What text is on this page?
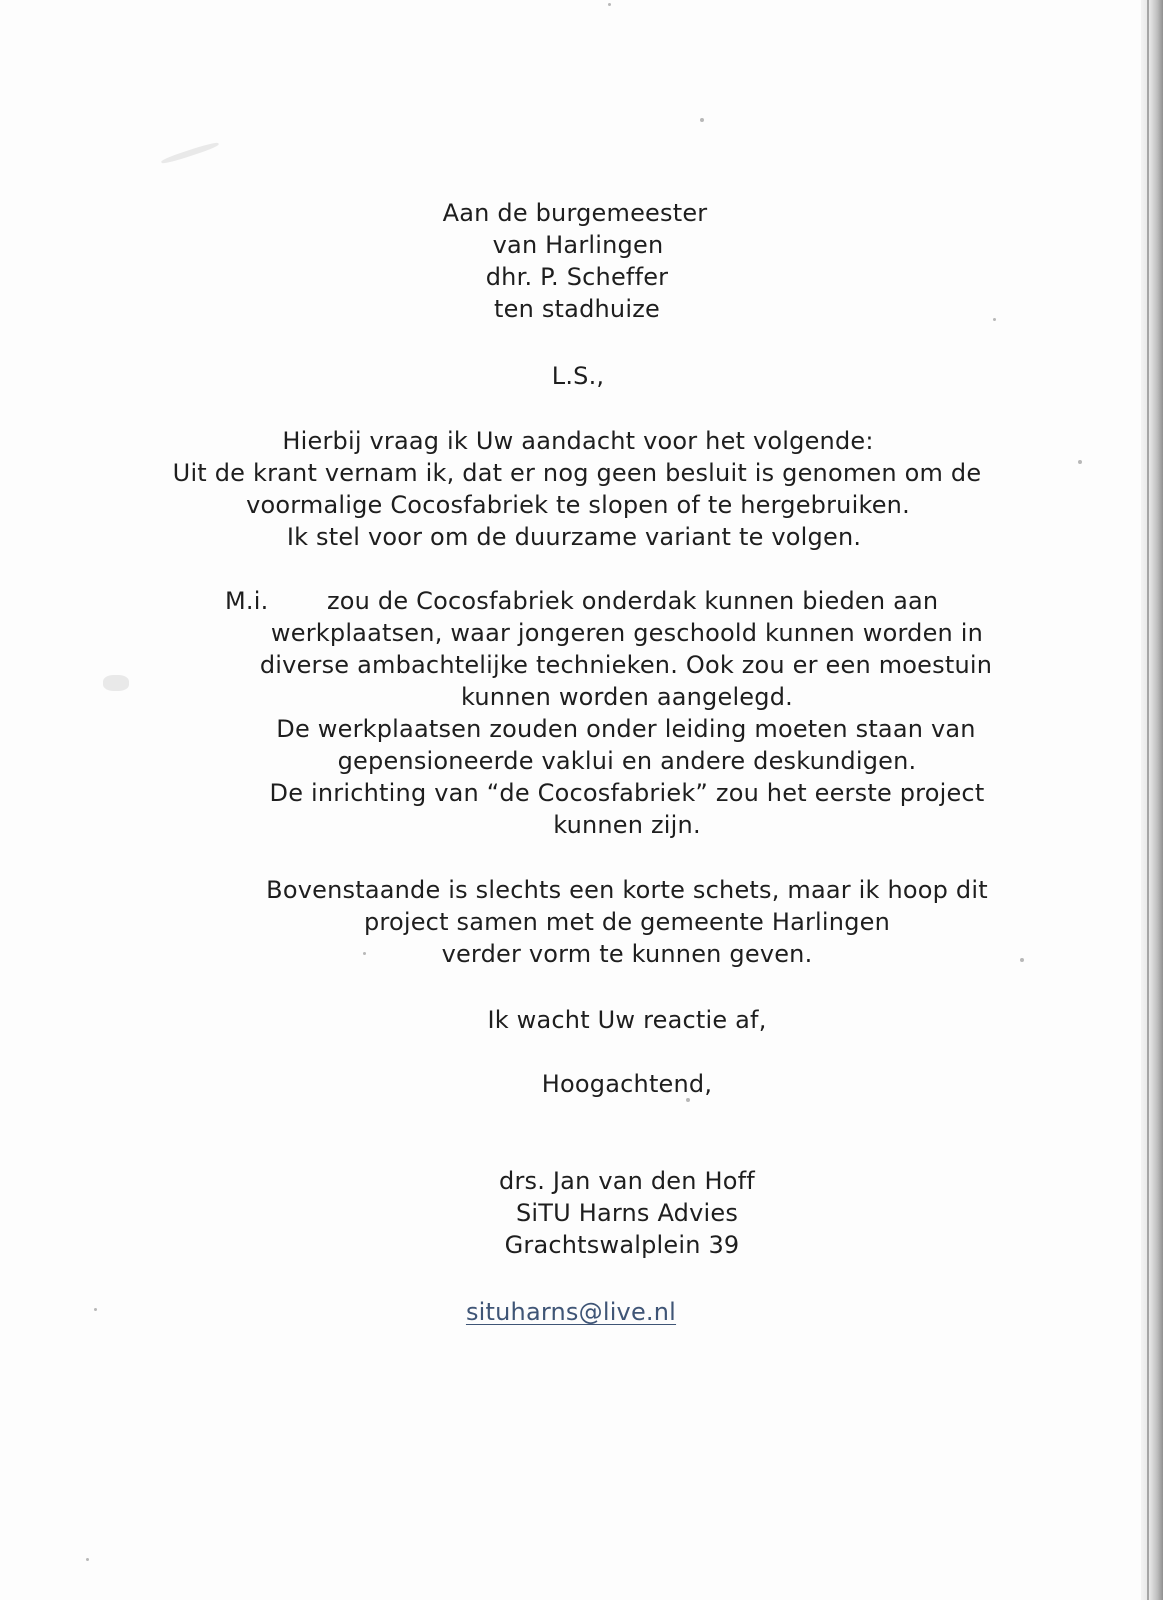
Aan de burgemeester
van Harlingen
dhr. P. Scheffer
ten stadhuize
L.S.,
Hierbij vraag ik Uw aandacht voor het volgende:
Uit de krant vernam ik, dat er nog geen besluit is genomen om de
voormalige Cocosfabriek te slopen of te hergebruiken.
Ik stel voor om de duurzame variant te volgen.
M.i. zou de Cocosfabriek onderdak kunnen bieden aan
werkplaatsen, waar jongeren geschoold kunnen worden in
diverse ambachtelijke technieken. Ook zou er een moestuin
kunnen worden aangelegd.
De werkplaatsen zouden onder leiding moeten staan van
gepensioneerde vaklui en andere deskundigen.
De inrichting van “de Cocosfabriek” zou het eerste project
kunnen zijn.
Bovenstaande is slechts een korte schets, maar ik hoop dit
project samen met de gemeente Harlingen
verder vorm te kunnen geven.
Ik wacht Uw reactie af,
Hoogachtend,
drs. Jan van den Hoff
SiTU Harns Advies
Grachtswalplein 39
situharns@live.nl
